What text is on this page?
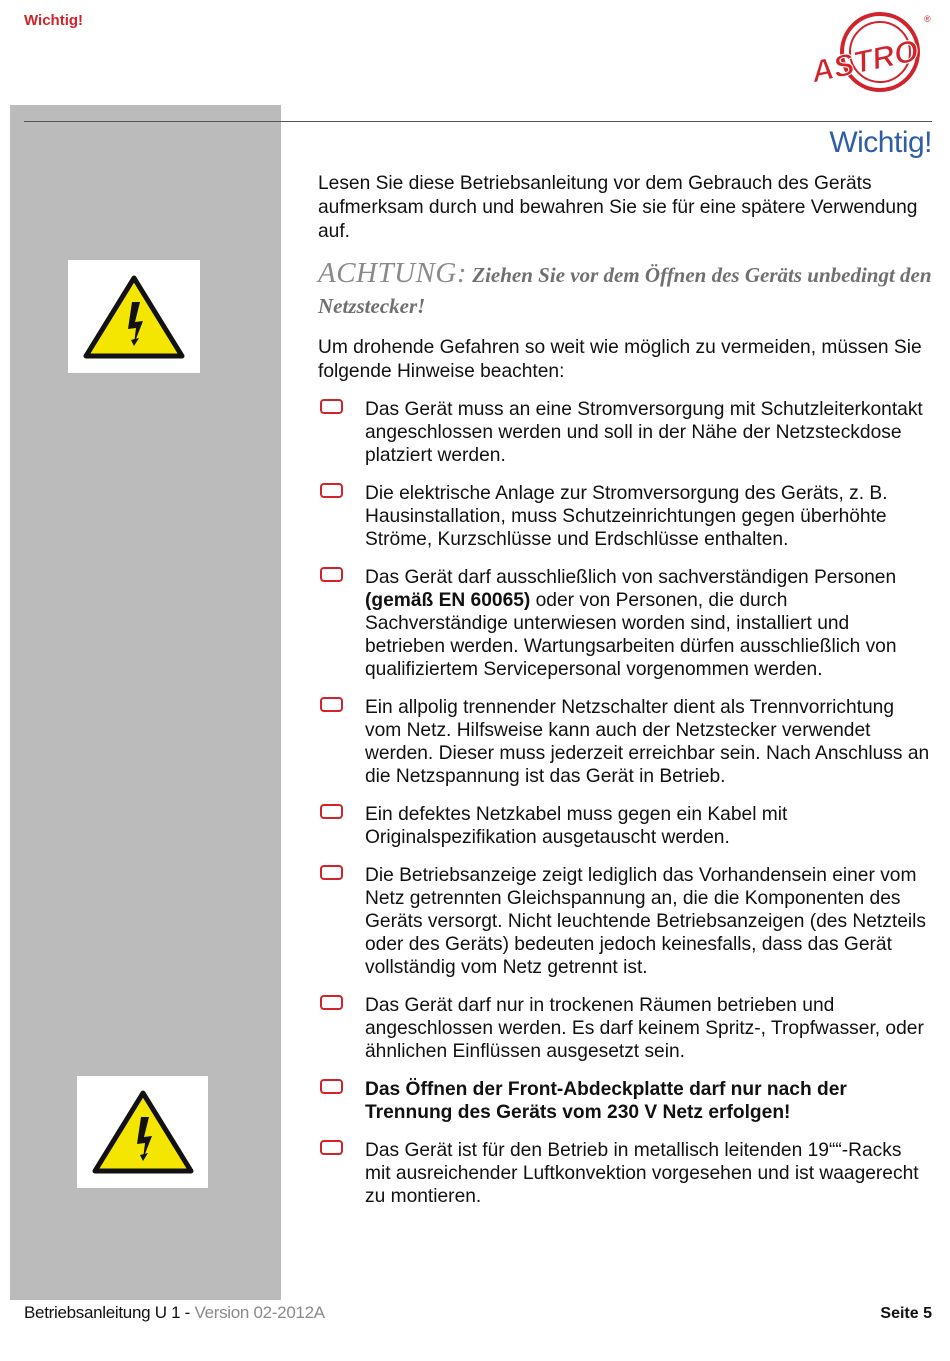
Wichtig!
ASTRO
®
Wichtig!

Lesen Sie diese Betriebsanleitung vor dem Gebrauch des Geräts aufmerksam durch und bewahren Sie sie für eine spätere Verwendung auf.

ACHTUNG: Ziehen Sie vor dem Öffnen des Geräts unbedingt den Netzstecker!

Um drohende Gefahren so weit wie möglich zu vermeiden, müssen Sie folgende Hinweise beachten:

Das Gerät muss an eine Stromversorgung mit Schutzleiterkontakt angeschlossen werden und soll in der Nähe der Netzsteckdose platziert werden.
Die elektrische Anlage zur Stromversorgung des Geräts, z. B. Hausinstallation, muss Schutzeinrichtungen gegen überhöhte Ströme, Kurzschlüsse und Erdschlüsse enthalten.
Das Gerät darf ausschließlich von sachverständigen Personen (gemäß EN 60065) oder von Personen, die durch Sachverständige unterwiesen worden sind, installiert und betrieben werden. Wartungsarbeiten dürfen ausschließlich von qualifiziertem Servicepersonal vorgenommen werden.
Ein allpolig trennender Netzschalter dient als Trennvorrichtung vom Netz. Hilfsweise kann auch der Netzstecker verwendet werden. Dieser muss jederzeit erreichbar sein. Nach Anschluss an die Netzspannung ist das Gerät in Betrieb.
Ein defektes Netzkabel muss gegen ein Kabel mit Originalspezifikation ausgetauscht werden.
Die Betriebsanzeige zeigt lediglich das Vorhandensein einer vom Netz getrennten Gleichspannung an, die die Komponenten des Geräts versorgt. Nicht leuchtende Betriebsanzeigen (des Netzteils oder des Geräts) bedeuten jedoch keinesfalls, dass das Gerät vollständig vom Netz getrennt ist.
Das Gerät darf nur in trockenen Räumen betrieben und angeschlossen werden. Es darf keinem Spritz-, Tropfwasser, oder ähnlichen Einflüssen ausgesetzt sein.
Das Öffnen der Front-Abdeckplatte darf nur nach der Trennung des Geräts vom 230 V Netz erfolgen!
Das Gerät ist für den Betrieb in metallisch leitenden 19““-Racks mit ausreichender Luftkonvektion vorgesehen und ist waagerecht zu montieren.
Betriebsanleitung U 1 - Version 02-2012A	Seite 5
